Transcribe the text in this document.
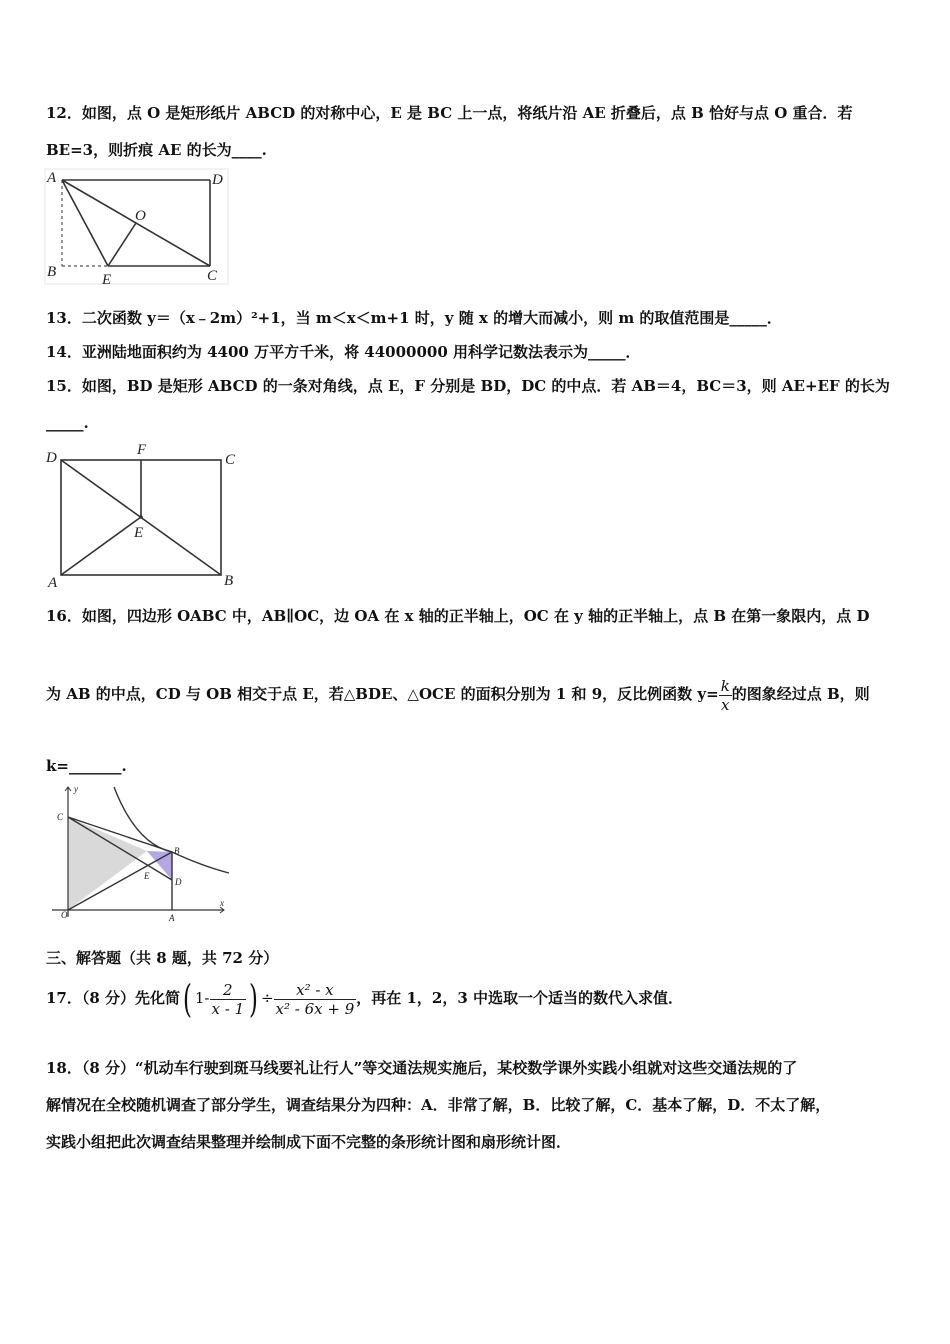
12．如图，点 O 是矩形纸片 ABCD 的对称中心，E 是 BC 上一点，将纸片沿 AE 折叠后，点 B 恰好与点 O 重合．若
BE=3，则折痕 AE 的长为____.
A	D
O
B	E	C
13．二次函数 y＝（x﹣2m）²+1，当 m＜x＜m+1 时，y 随 x 的增大而减小，则 m 的取值范围是_____．
14．亚洲陆地面积约为 4400 万平方千米，将 44000000 用科学记数法表示为_____．
15．如图，BD 是矩形 ABCD 的一条对角线，点 E，F 分别是 BD，DC 的中点．若 AB＝4，BC＝3，则 AE+EF 的长为
_____.
D	F
C
E
A	B
16．如图，四边形 OABC 中，AB∥OC，边 OA 在 x 轴的正半轴上，OC 在 y 轴的正半轴上，点 B 在第一象限内，点 D
为 AB 的中点，CD 与 OB 相交于点 E，若△BDE、△OCE 的面积分别为 1 和 9，反比例函数 $y= \frac{k}{x}$ 的图象经过点 B，则
k=_______.
y
C
B
E
D
O	A
x
三、解答题（共 8 题，共 72 分）
17．（8 分）先化简( $1- \frac{2}{x - 1}$ ) ÷ $\frac{\text{x² - x}}{\text{x² - 6x + 9}}$ ，再在 1，2，3 中选取一个适当的数代入求值．
18．（8 分）“机动车行驶到斑马线要礼让行人”等交通法规实施后，某校数学课外实践小组就对这些交通法规的了
解情况在全校随机调查了部分学生，调查结果分为四种：A．非常了解，B．比较了解，C．基本了解，D．不太了解，
实践小组把此次调查结果整理并绘制成下面不完整的条形统计图和扇形统计图．
